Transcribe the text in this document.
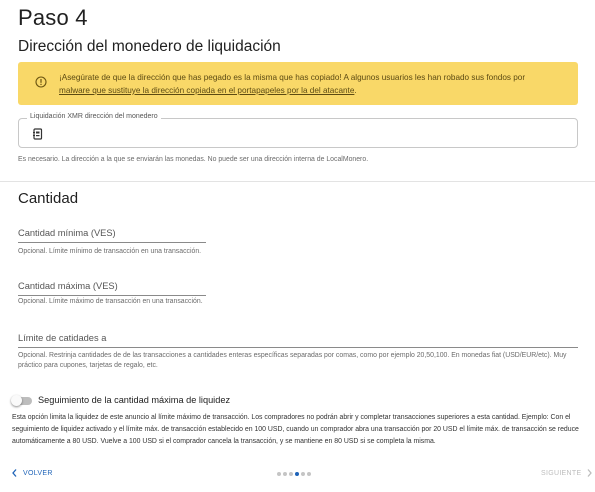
Paso 4
Dirección del monedero de liquidación
¡Asegúrate de que la dirección que has pegado es la misma que has copiado! A algunos usuarios les han robado sus fondos por
malware que sustituye la dirección copiada en el portapapeles por la del atacante.
Liquidación XMR dirección del monedero
Es necesario. La dirección a la que se enviarán las monedas. No puede ser una dirección interna de LocalMonero.
Cantidad
Cantidad mínima (VES)
Opcional. Límite mínimo de transacción en una transacción.
Cantidad máxima (VES)
Opcional. Límite máximo de transacción en una transacción.
Límite de catidades a
Opcional. Restrinja cantidades de de las transacciones a cantidades enteras específicas separadas por comas, como por ejemplo 20,50,100. En monedas fiat (USD/EUR/etc). Muy práctico para cupones, tarjetas de regalo, etc.
Seguimiento de la cantidad máxima de liquidez
Esta opción limita la liquidez de este anuncio al límite máximo de transacción. Los compradores no podrán abrir y completar transacciones superiores a esta cantidad. Ejemplo: Con el seguimiento de liquidez activado y el límite máx. de transacción establecido en 100 USD, cuando un comprador abra una transacción por 20 USD el límite máx. de transacción se reduce automáticamente a 80 USD. Vuelve a 100 USD si el comprador cancela la transacción, y se mantiene en 80 USD si se completa la misma.
VOLVER	SIGUIENTE
